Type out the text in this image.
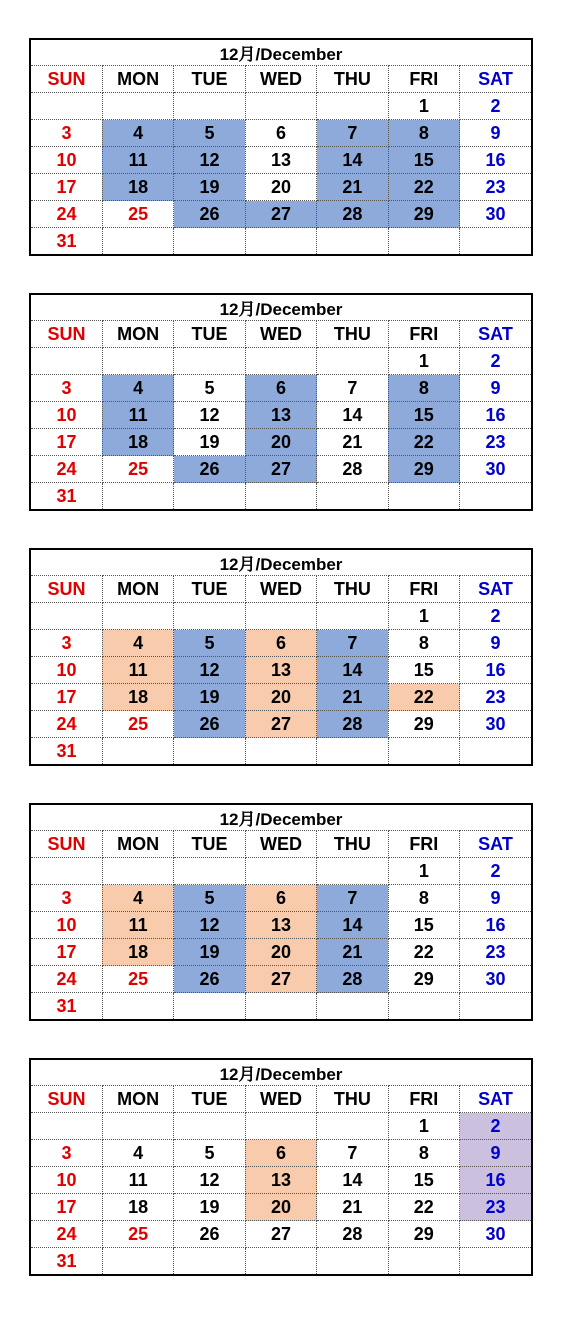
12月/December						
SUN	MON	TUE	WED	THU	FRI	SAT
					1	2
3	4	5	6	7	8	9
10	11	12	13	14	15	16
17	18	19	20	21	22	23
24	25	26	27	28	29	30
31						
12月/December						
SUN	MON	TUE	WED	THU	FRI	SAT
					1	2
3	4	5	6	7	8	9
10	11	12	13	14	15	16
17	18	19	20	21	22	23
24	25	26	27	28	29	30
31						
12月/December						
SUN	MON	TUE	WED	THU	FRI	SAT
					1	2
3	4	5	6	7	8	9
10	11	12	13	14	15	16
17	18	19	20	21	22	23
24	25	26	27	28	29	30
31						
12月/December						
SUN	MON	TUE	WED	THU	FRI	SAT
					1	2
3	4	5	6	7	8	9
10	11	12	13	14	15	16
17	18	19	20	21	22	23
24	25	26	27	28	29	30
31						
12月/December						
SUN	MON	TUE	WED	THU	FRI	SAT
					1	2
3	4	5	6	7	8	9
10	11	12	13	14	15	16
17	18	19	20	21	22	23
24	25	26	27	28	29	30
31						
